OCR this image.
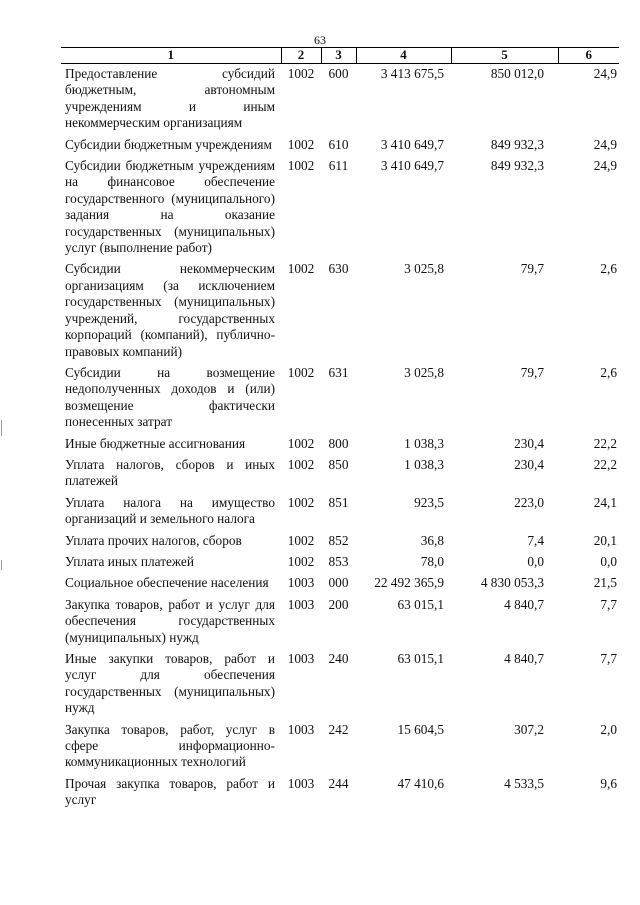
63
1	2	3	4	5	6
Предоставление субсидий бюджетным, автономным учреждениям и иным некоммерческим организациям	1002	600	3 413 675,5	850 012,0	24,9
Субсидии бюджетным учреждениям	1002	610	3 410 649,7	849 932,3	24,9
Субсидии бюджетным учреждениям на финансовое обеспечение государственного (муниципального) задания на оказание государственных (муниципальных) услуг (выполнение работ)	1002	611	3 410 649,7	849 932,3	24,9
Субсидии некоммерческим организациям (за исключением государственных (муниципальных) учреждений, государственных корпораций (компаний), публично-правовых компаний)	1002	630	3 025,8	79,7	2,6
Субсидии на возмещение недополученных доходов и (или) возмещение фактически понесенных затрат	1002	631	3 025,8	79,7	2,6
Иные бюджетные ассигнования	1002	800	1 038,3	230,4	22,2
Уплата налогов, сборов и иных платежей	1002	850	1 038,3	230,4	22,2
Уплата налога на имущество организаций и земельного налога	1002	851	923,5	223,0	24,1
Уплата прочих налогов, сборов	1002	852	36,8	7,4	20,1
Уплата иных платежей	1002	853	78,0	0,0	0,0
Социальное обеспечение населения	1003	000	22 492 365,9	4 830 053,3	21,5
Закупка товаров, работ и услуг для обеспечения государственных (муниципальных) нужд	1003	200	63 015,1	4 840,7	7,7
Иные закупки товаров, работ и услуг для обеспечения государственных (муниципальных) нужд	1003	240	63 015,1	4 840,7	7,7
Закупка товаров, работ, услуг в сфере информационно-коммуникационных технологий	1003	242	15 604,5	307,2	2,0
Прочая закупка товаров, работ и услуг	1003	244	47 410,6	4 533,5	9,6
